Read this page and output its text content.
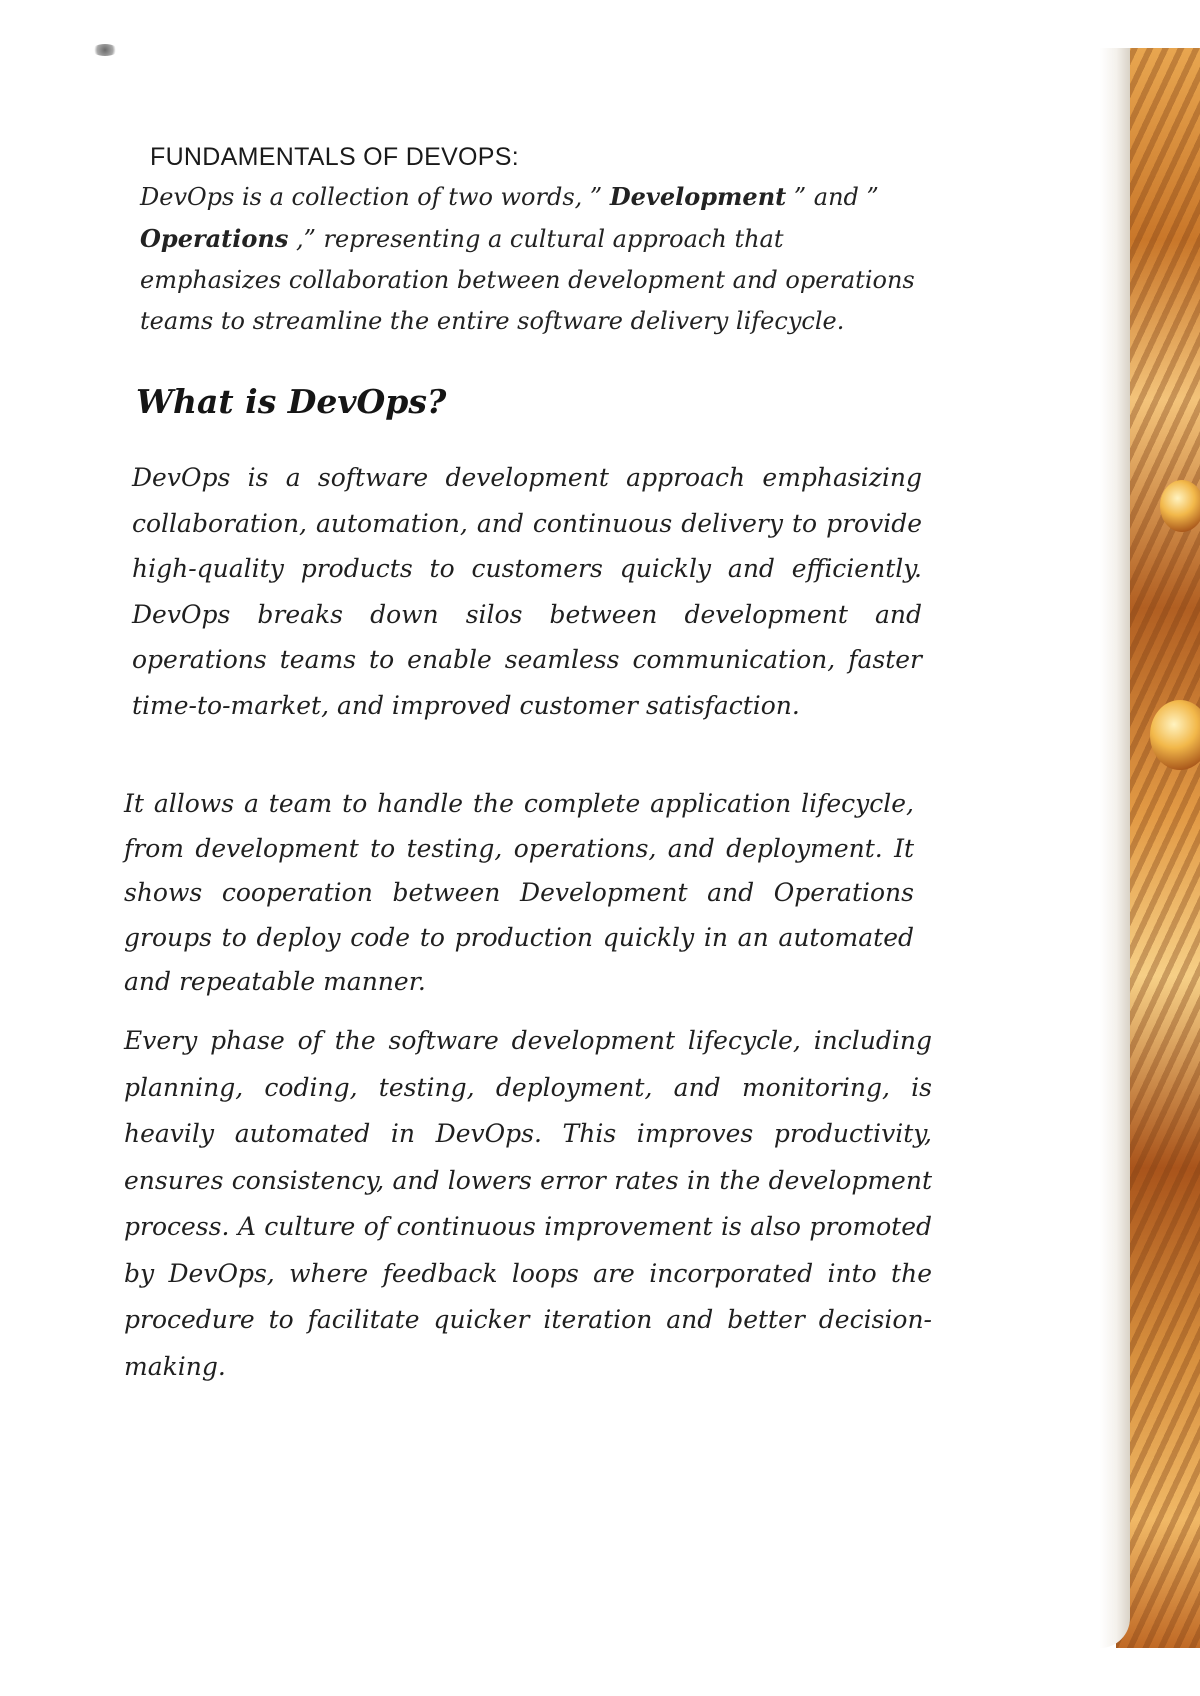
FUNDAMENTALS OF DEVOPS:
DevOps is a collection of two words, ” Development ” and ” Operations ,” representing a cultural approach that emphasizes collaboration between development and operations teams to streamline the entire software delivery lifecycle.
What is DevOps?

DevOps is a software development approach emphasizing collaboration, automation, and continuous delivery to provide high-quality products to customers quickly and efficiently. DevOps breaks down silos between development and operations teams to enable seamless communication, faster time-to-market, and improved customer satisfaction.

It allows a team to handle the complete application lifecycle, from development to testing, operations, and deployment. It shows cooperation between Development and Operations groups to deploy code to production quickly in an automated and repeatable manner.

Every phase of the software development lifecycle, including planning, coding, testing, deployment, and monitoring, is heavily automated in DevOps. This improves productivity, ensures consistency, and lowers error rates in the development process. A culture of continuous improvement is also promoted by DevOps, where feedback loops are incorporated into the procedure to facilitate quicker iteration and better decision-making.
